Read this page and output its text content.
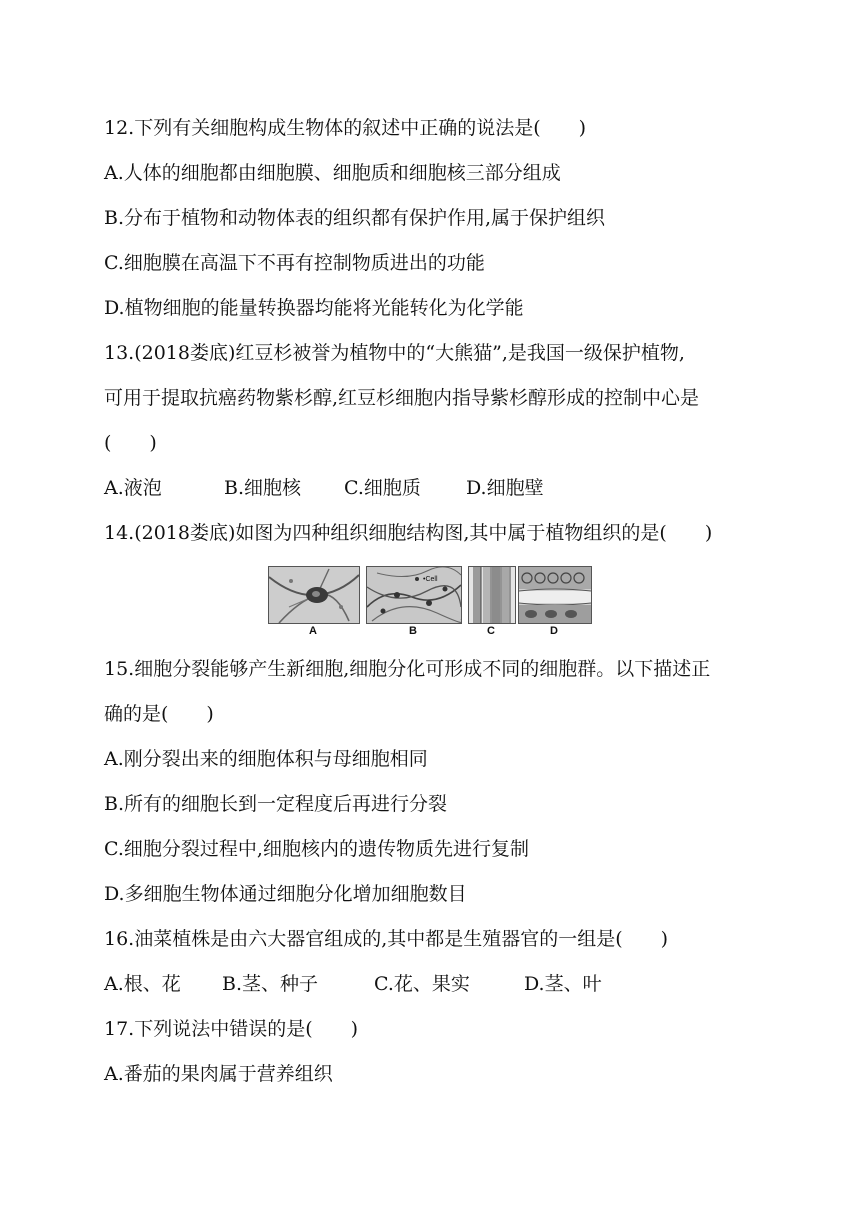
12.下列有关细胞构成生物体的叙述中正确的说法是(　　)
A.人体的细胞都由细胞膜、细胞质和细胞核三部分组成
B.分布于植物和动物体表的组织都有保护作用,属于保护组织
C.细胞膜在高温下不再有控制物质进出的功能
D.植物细胞的能量转换器均能将光能转化为化学能
13.(2018娄底)红豆杉被誉为植物中的“大熊猫”,是我国一级保护植物,
可用于提取抗癌药物紫杉醇,红豆杉细胞内指导紫杉醇形成的控制中心是
(　　)
A.液泡	B.细胞核 C.细胞质 D.细胞壁
14.(2018娄底)如图为四种组织细胞结构图,其中属于植物组织的是(　　)
A
•Cell
B	C	D
15.细胞分裂能够产生新细胞,细胞分化可形成不同的细胞群。以下描述正
确的是(　　)
A.刚分裂出来的细胞体积与母细胞相同
B.所有的细胞长到一定程度后再进行分裂
C.细胞分裂过程中,细胞核内的遗传物质先进行复制
D.多细胞生物体通过细胞分化增加细胞数目
16.油菜植株是由六大器官组成的,其中都是生殖器官的一组是(　　)
A.根、花 B.茎、种子	C.花、果实	D.茎、叶
17.下列说法中错误的是(　　)
A.番茄的果肉属于营养组织
